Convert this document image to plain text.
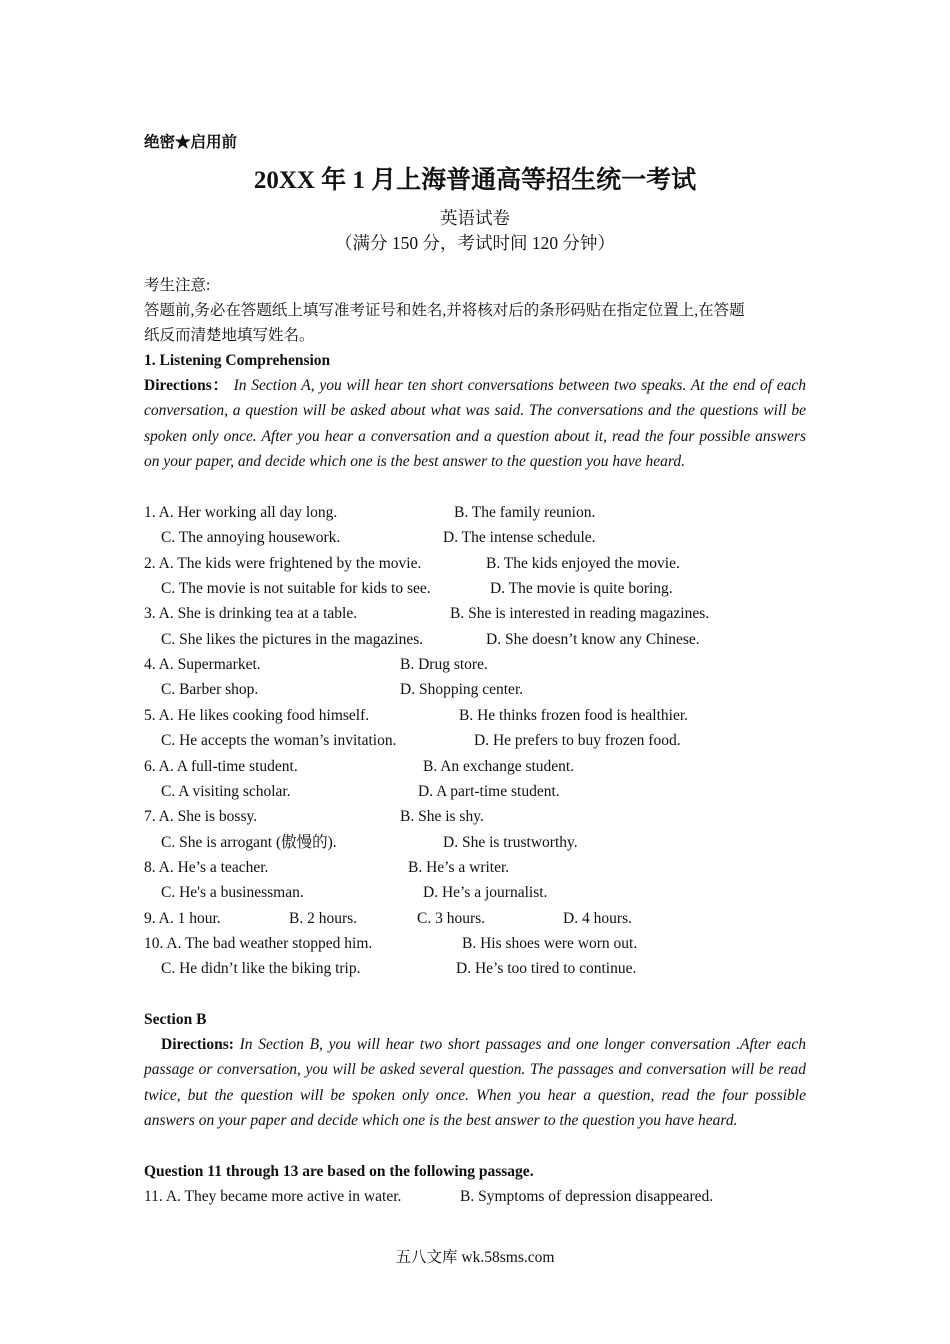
绝密★启用前
20XX 年 1 月上海普通高等招生统一考试
英语试卷
（满分 150 分，考试时间 120 分钟）
考生注意:
答题前,务必在答题纸上填写准考证号和姓名,并将核对后的条形码贴在指定位置上,在答题
纸反而清楚地填写姓名。
1. Listening Comprehension
Directions： In Section A, you will hear ten short conversations between two speaks. At the end of each conversation, a question will be asked about what was said. The conversations and the questions will be spoken only once. After you hear a conversation and a question about it, read the four possible answers on your paper, and decide which one is the best answer to the question you have heard.
1. A. Her working all day long.	B. The family reunion.
C. The annoying housework.	D. The intense schedule.
2. A. The kids were frightened by the movie.	B. The kids enjoyed the movie.
C. The movie is not suitable for kids to see.	D. The movie is quite boring.
3. A. She is drinking tea at a table.	B. She is interested in reading magazines.
C. She likes the pictures in the magazines.	D. She doesn’t know any Chinese.
4. A. Supermarket.	B. Drug store.
C. Barber shop.	D. Shopping center.
5. A. He likes cooking food himself.	B. He thinks frozen food is healthier.
C. He accepts the woman’s invitation.	D. He prefers to buy frozen food.
6. A. A full-time student.	B. An exchange student.
C. A visiting scholar.	D. A part-time student.
7. A. She is bossy.	B. She is shy.
C. She is arrogant (傲慢的).	D. She is trustworthy.
8. A. He’s a teacher.	B. He’s a writer.
C. He's a businessman.	D. He’s a journalist.
9. A. 1 hour.	B. 2 hours.	C. 3 hours.	D. 4 hours.
10. A. The bad weather stopped him.	B. His shoes were worn out.
C. He didn’t like the biking trip.	D. He’s too tired to continue.
Section B
Directions: In Section B, you will hear two short passages and one longer conversation .After each passage or conversation, you will be asked several question. The passages and conversation will be read twice, but the question will be spoken only once. When you hear a question, read the four possible answers on your paper and decide which one is the best answer to the question you have heard.
Question 11 through 13 are based on the following passage.
11. A. They became more active in water.	B. Symptoms of depression disappeared.
五八文库 wk.58sms.com
